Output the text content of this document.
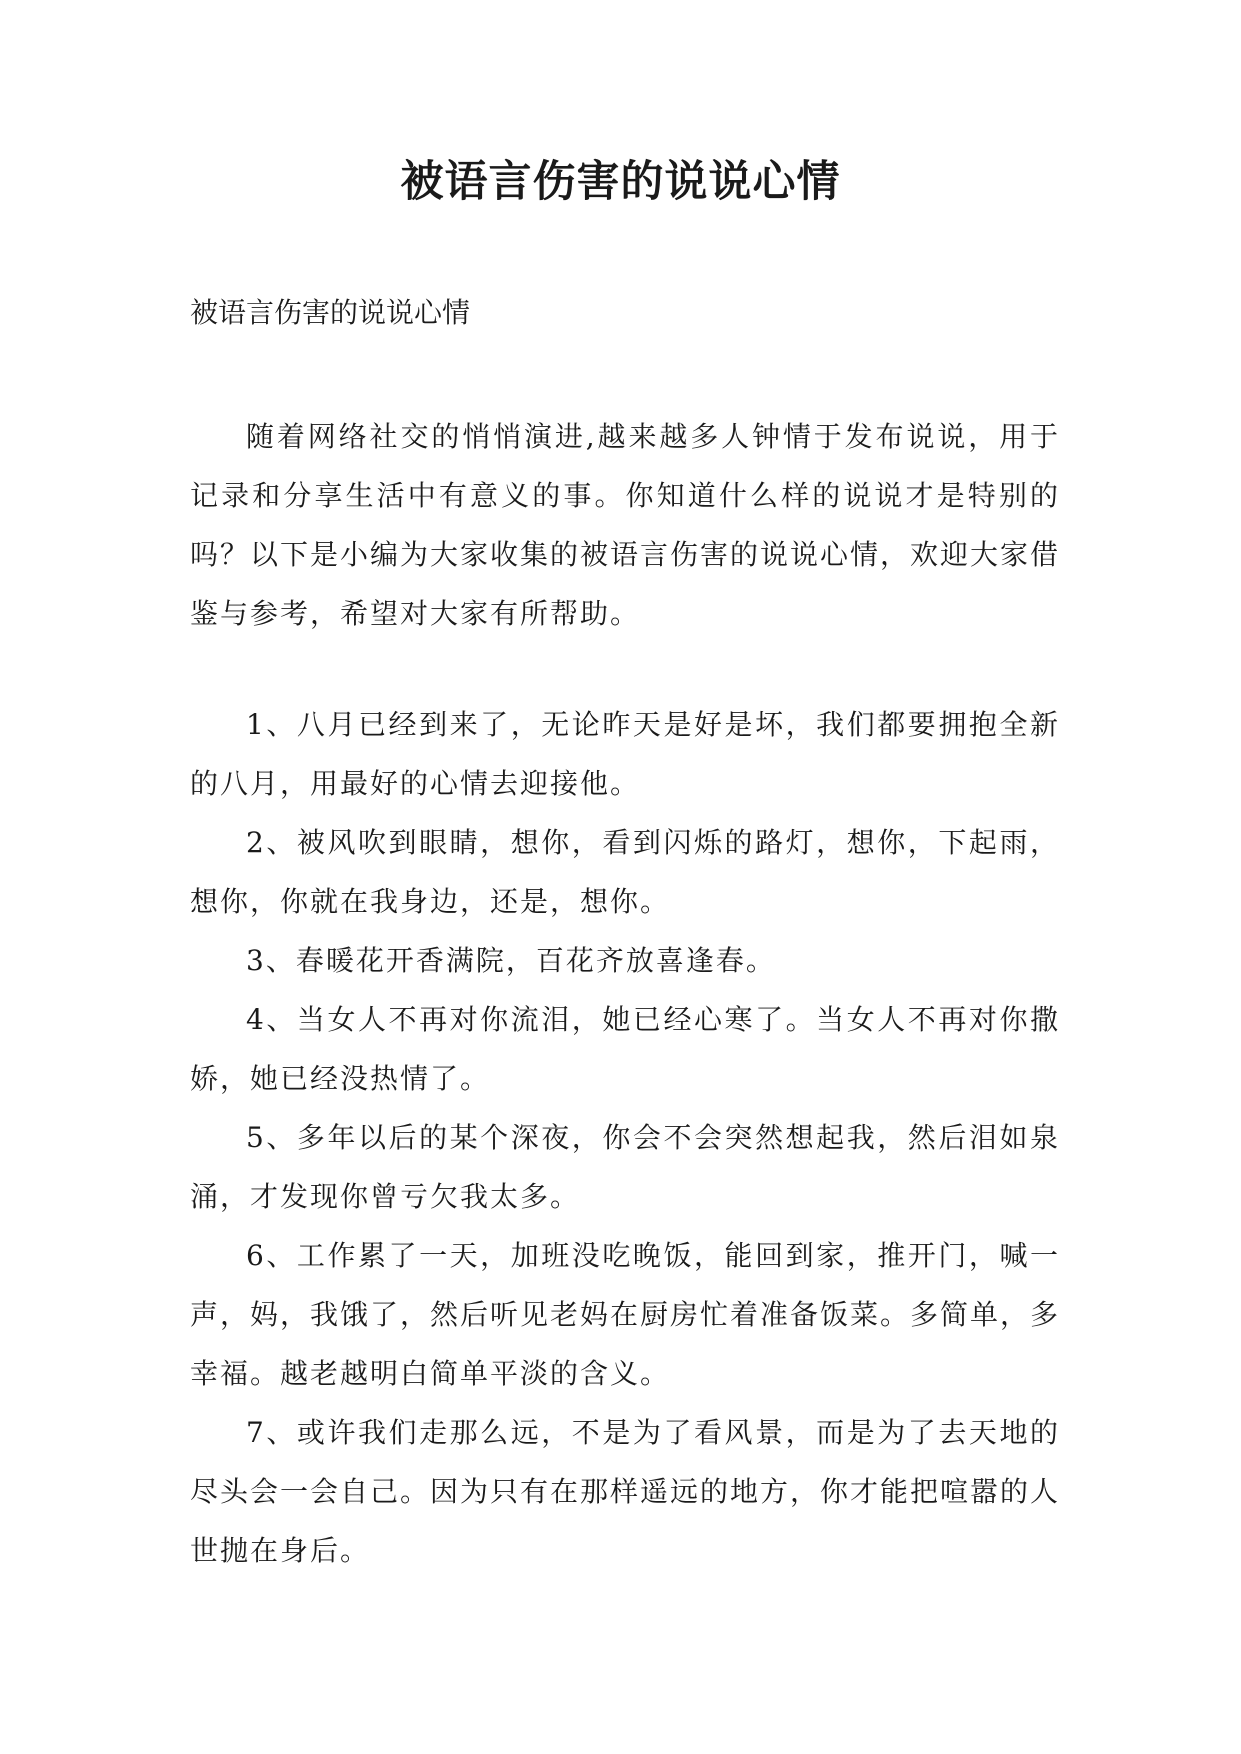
被语言伤害的说说心情

被语言伤害的说说心情

随着网络社交的悄悄演进,越来越多人钟情于发布说说，用于记录和分享生活中有意义的事。你知道什么样的说说才是特别的吗？以下是小编为大家收集的被语言伤害的说说心情，欢迎大家借鉴与参考，希望对大家有所帮助。

1、八月已经到来了，无论昨天是好是坏，我们都要拥抱全新的八月，用最好的心情去迎接他。

2、被风吹到眼睛，想你，看到闪烁的路灯，想你，下起雨，想你，你就在我身边，还是，想你。

3、春暖花开香满院，百花齐放喜逢春。

4、当女人不再对你流泪，她已经心寒了。当女人不再对你撒娇，她已经没热情了。

5、多年以后的某个深夜，你会不会突然想起我，然后泪如泉涌，才发现你曾亏欠我太多。

6、工作累了一天，加班没吃晚饭，能回到家，推开门，喊一声，妈，我饿了，然后听见老妈在厨房忙着准备饭菜。多简单，多幸福。越老越明白简单平淡的含义。

7、或许我们走那么远，不是为了看风景，而是为了去天地的尽头会一会自己。因为只有在那样遥远的地方，你才能把喧嚣的人世抛在身后。
